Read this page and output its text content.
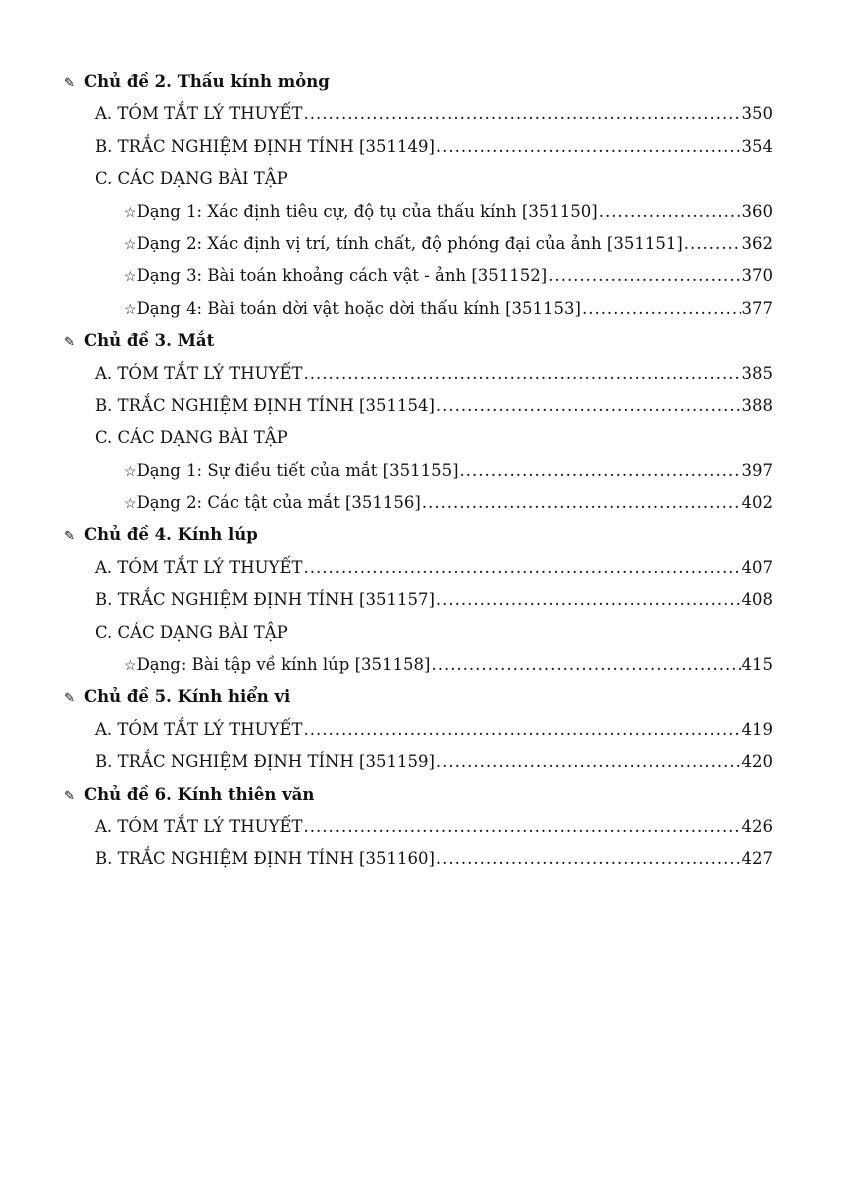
✎ Chủ đề 2. Thấu kính mỏng
A. TÓM TẮT LÝ THUYẾT .....	350
B. TRẮC NGHIỆM ĐỊNH TÍNH [351149] .....	354
C. CÁC DẠNG BÀI TẬP
☆ Dạng 1: Xác định tiêu cự, độ tụ của thấu kính [351150] .....	360
☆ Dạng 2: Xác định vị trí, tính chất, độ phóng đại của ảnh [351151] .....	362
☆ Dạng 3: Bài toán khoảng cách vật - ảnh [351152] .....	370
☆ Dạng 4: Bài toán dời vật hoặc dời thấu kính [351153] .....	377
✎ Chủ đề 3. Mắt
A. TÓM TẮT LÝ THUYẾT .....	385
B. TRẮC NGHIỆM ĐỊNH TÍNH [351154] .....	388
C. CÁC DẠNG BÀI TẬP
☆ Dạng 1: Sự điều tiết của mắt [351155] .....	397
☆ Dạng 2: Các tật của mắt [351156] .....	402
✎ Chủ đề 4. Kính lúp
A. TÓM TẮT LÝ THUYẾT .....	407
B. TRẮC NGHIỆM ĐỊNH TÍNH [351157] .....	408
C. CÁC DẠNG BÀI TẬP
☆ Dạng: Bài tập về kính lúp [351158] .....	415
✎ Chủ đề 5. Kính hiển vi
A. TÓM TẮT LÝ THUYẾT .....	419
B. TRẮC NGHIỆM ĐỊNH TÍNH [351159] .....	420
✎ Chủ đề 6. Kính thiên văn
A. TÓM TẮT LÝ THUYẾT .....	426
B. TRẮC NGHIỆM ĐỊNH TÍNH [351160] .....	427
